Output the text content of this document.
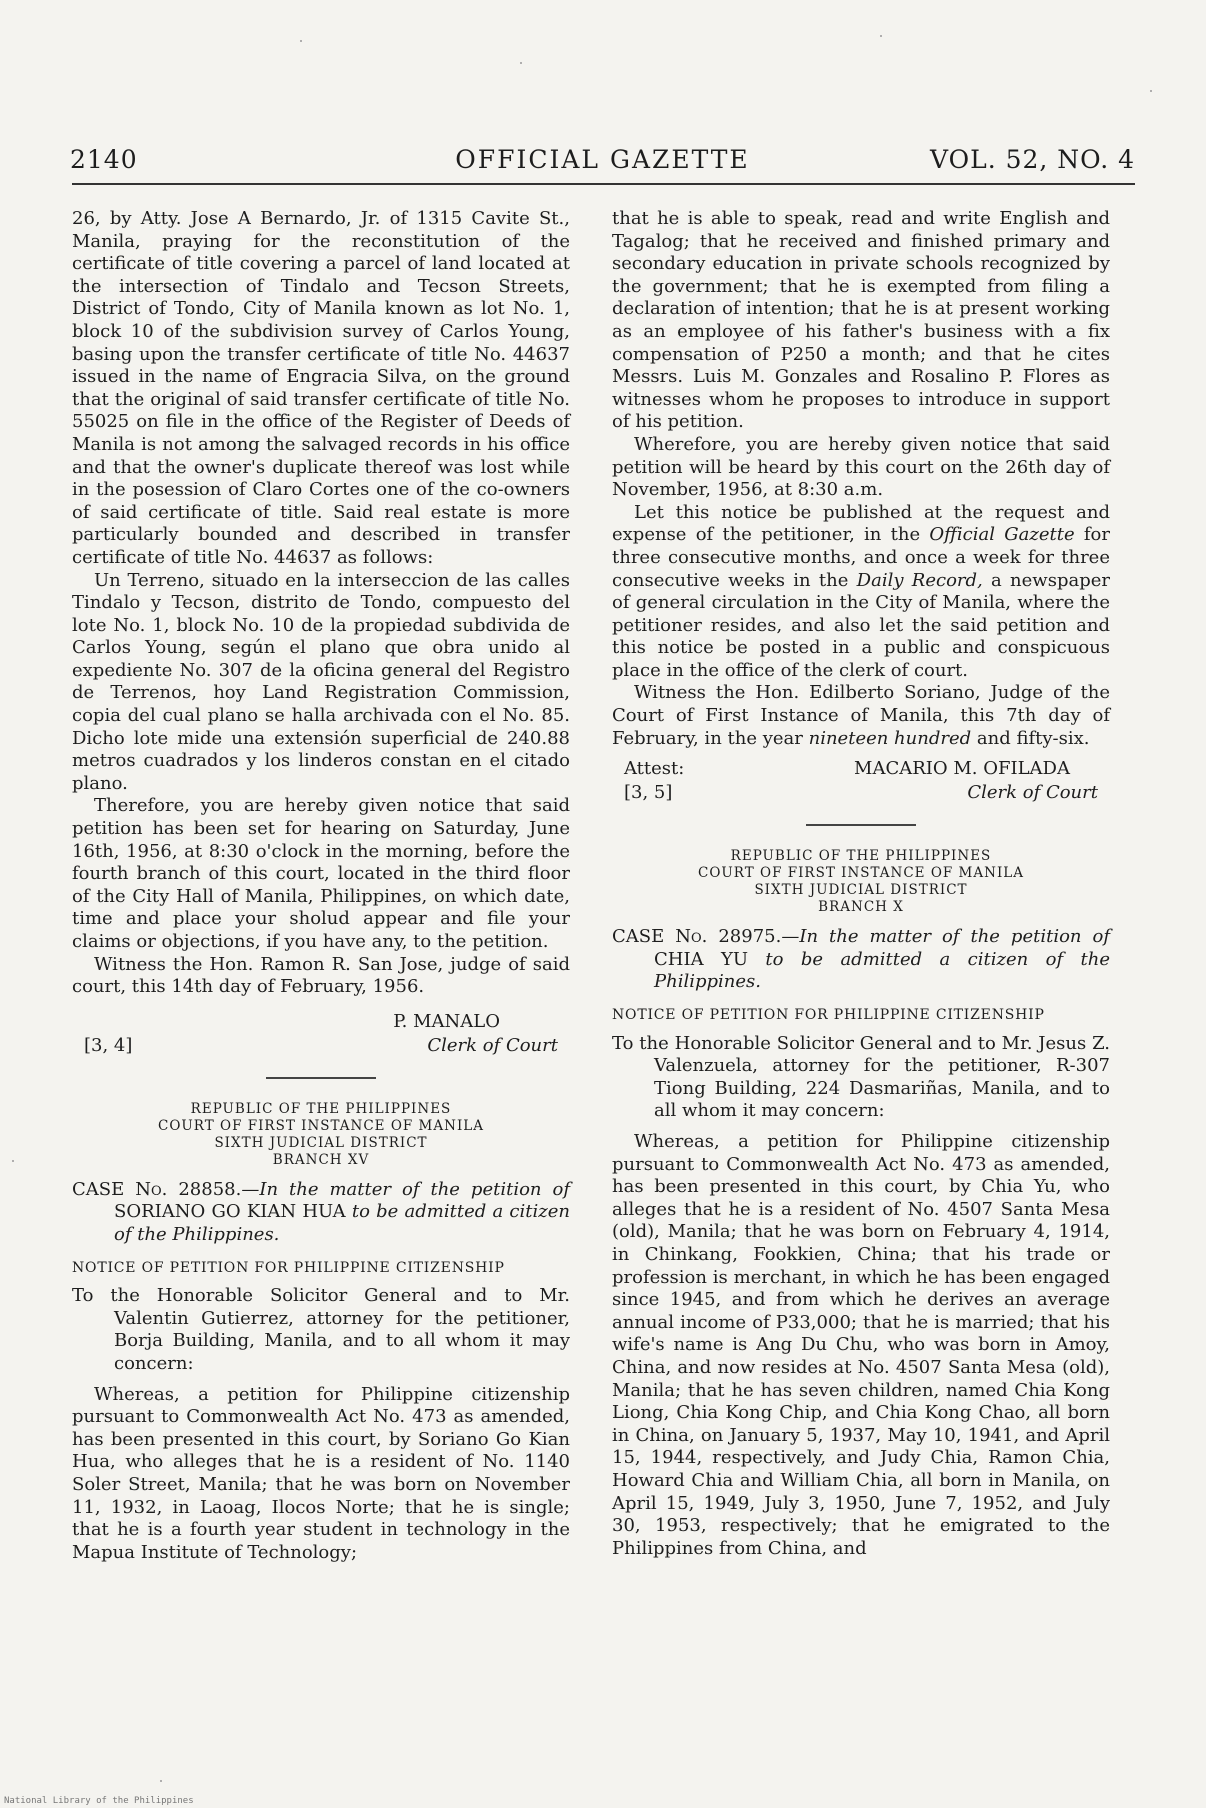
2140	OFFICIAL GAZETTE	VOL. 52, NO. 4

26, by Atty. Jose A Bernardo, Jr. of 1315 Cavite St., Manila, praying for the reconstitution of the certificate of title covering a parcel of land located at the intersection of Tindalo and Tecson Streets, District of Tondo, City of Manila known as lot No. 1, block 10 of the subdivision survey of Carlos Young, basing upon the transfer certificate of title No. 44637 issued in the name of Engracia Silva, on the ground that the original of said transfer certificate of title No. 55025 on file in the office of the Register of Deeds of Manila is not among the salvaged records in his office and that the owner's duplicate thereof was lost while in the posession of Claro Cortes one of the co-owners of said certificate of title. Said real estate is more particularly bounded and described in transfer certificate of title No. 44637 as follows:

Un Terreno, situado en la interseccion de las calles Tindalo y Tecson, distrito de Tondo, compuesto del lote No. 1, block No. 10 de la propiedad subdivida de Carlos Young, según el plano que obra unido al expediente No. 307 de la oficina general del Registro de Terrenos, hoy Land Registration Commission, copia del cual plano se halla archivada con el No. 85. Dicho lote mide una extensión superficial de 240.88 metros cuadrados y los linderos constan en el citado plano.

Therefore, you are hereby given notice that said petition has been set for hearing on Saturday, June 16th, 1956, at 8:30 o'clock in the morning, before the fourth branch of this court, located in the third floor of the City Hall of Manila, Philippines, on which date, time and place your sholud appear and file your claims or objections, if you have any, to the petition.

Witness the Hon. Ramon R. San Jose, judge of said court, this 14th day of February, 1956.

P. MANALO
[3, 4]	Clerk of Court
REPUBLIC OF THE PHILIPPINES
COURT OF FIRST INSTANCE OF MANILA
SIXTH JUDICIAL DISTRICT
BRANCH XV

CASE No. 28858.—In the matter of the petition of SORIANO GO KIAN HUA to be admitted a citizen of the Philippines.

NOTICE OF PETITION FOR PHILIPPINE CITIZENSHIP

To the Honorable Solicitor General and to Mr. Valentin Gutierrez, attorney for the petitioner, Borja Building, Manila, and to all whom it may concern:

Whereas, a petition for Philippine citizenship pursuant to Commonwealth Act No. 473 as amended, has been presented in this court, by Soriano Go Kian Hua, who alleges that he is a resident of No. 1140 Soler Street, Manila; that he was born on November 11, 1932, in Laoag, Ilocos Norte; that he is single; that he is a fourth year student in technology in the Mapua Institute of Technology;

that he is able to speak, read and write English and Tagalog; that he received and finished primary and secondary education in private schools recognized by the government; that he is exempted from filing a declaration of intention; that he is at present working as an employee of his father's business with a fix compensation of P250 a month; and that he cites Messrs. Luis M. Gonzales and Rosalino P. Flores as witnesses whom he proposes to introduce in support of his petition.

Wherefore, you are hereby given notice that said petition will be heard by this court on the 26th day of November, 1956, at 8:30 a.m.

Let this notice be published at the request and expense of the petitioner, in the Official Gazette for three consecutive months, and once a week for three consecutive weeks in the Daily Record, a newspaper of general circulation in the City of Manila, where the petitioner resides, and also let the said petition and this notice be posted in a public and conspicuous place in the office of the clerk of court.

Witness the Hon. Edilberto Soriano, Judge of the Court of First Instance of Manila, this 7th day of February, in the year nineteen hundred and fifty-six.

Attest:	MACARIO M. OFILADA
[3, 5]	Clerk of Court
REPUBLIC OF THE PHILIPPINES
COURT OF FIRST INSTANCE OF MANILA
SIXTH JUDICIAL DISTRICT
BRANCH X

CASE No. 28975.—In the matter of the petition of CHIA YU to be admitted a citizen of the Philippines.

NOTICE OF PETITION FOR PHILIPPINE CITIZENSHIP

To the Honorable Solicitor General and to Mr. Jesus Z. Valenzuela, attorney for the petitioner, R-307 Tiong Building, 224 Dasmariñas, Manila, and to all whom it may concern:

Whereas, a petition for Philippine citizenship pursuant to Commonwealth Act No. 473 as amended, has been presented in this court, by Chia Yu, who alleges that he is a resident of No. 4507 Santa Mesa (old), Manila; that he was born on February 4, 1914, in Chinkang, Fookkien, China; that his trade or profession is merchant, in which he has been engaged since 1945, and from which he derives an average annual income of P33,000; that he is married; that his wife's name is Ang Du Chu, who was born in Amoy, China, and now resides at No. 4507 Santa Mesa (old), Manila; that he has seven children, named Chia Kong Liong, Chia Kong Chip, and Chia Kong Chao, all born in China, on January 5, 1937, May 10, 1941, and April 15, 1944, respectively, and Judy Chia, Ramon Chia, Howard Chia and William Chia, all born in Manila, on April 15, 1949, July 3, 1950, June 7, 1952, and July 30, 1953, respectively; that he emigrated to the Philippines from China, and

National Library of the Philippines
